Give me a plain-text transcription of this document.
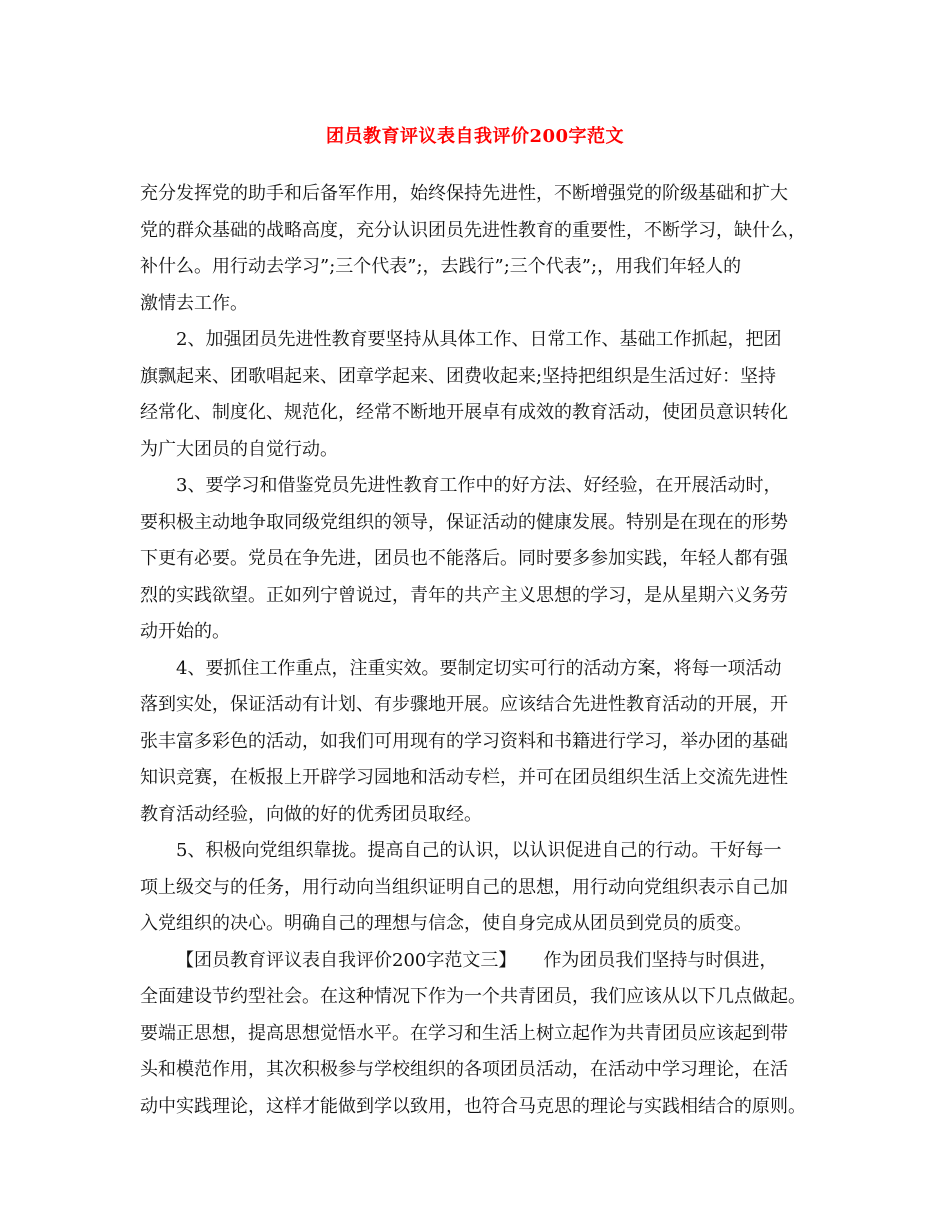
团员教育评议表自我评价200字范文
充分发挥党的助手和后备军作用，始终保持先进性，不断增强党的阶级基础和扩大
党的群众基础的战略高度，充分认识团员先进性教育的重要性，不断学习，缺什么，
补什么。用行动去学习”;三个代表”;，去践行”;三个代表”;，用我们年轻人的
激情去工作。
2、加强团员先进性教育要坚持从具体工作、日常工作、基础工作抓起，把团
旗飘起来、团歌唱起来、团章学起来、团费收起来;坚持把组织是生活过好：坚持
经常化、制度化、规范化，经常不断地开展卓有成效的教育活动，使团员意识转化
为广大团员的自觉行动。
3、要学习和借鉴党员先进性教育工作中的好方法、好经验，在开展活动时，
要积极主动地争取同级党组织的领导，保证活动的健康发展。特别是在现在的形势
下更有必要。党员在争先进，团员也不能落后。同时要多参加实践，年轻人都有强
烈的实践欲望。正如列宁曾说过，青年的共产主义思想的学习，是从星期六义务劳
动开始的。
4、要抓住工作重点，注重实效。要制定切实可行的活动方案，将每一项活动
落到实处，保证活动有计划、有步骤地开展。应该结合先进性教育活动的开展，开
张丰富多彩色的活动，如我们可用现有的学习资料和书籍进行学习，举办团的基础
知识竞赛，在板报上开辟学习园地和活动专栏，并可在团员组织生活上交流先进性
教育活动经验，向做的好的优秀团员取经。
5、积极向党组织靠拢。提高自己的认识，以认识促进自己的行动。干好每一
项上级交与的任务，用行动向当组织证明自己的思想，用行动向党组织表示自己加
入党组织的决心。明确自己的理想与信念，使自身完成从团员到党员的质变。
【团员教育评议表自我评价200字范文三】　　作为团员我们坚持与时俱进，
全面建设节约型社会。在这种情况下作为一个共青团员，我们应该从以下几点做起。
要端正思想，提高思想觉悟水平。在学习和生活上树立起作为共青团员应该起到带
头和模范作用，其次积极参与学校组织的各项团员活动，在活动中学习理论，在活
动中实践理论，这样才能做到学以致用，也符合马克思的理论与实践相结合的原则。
